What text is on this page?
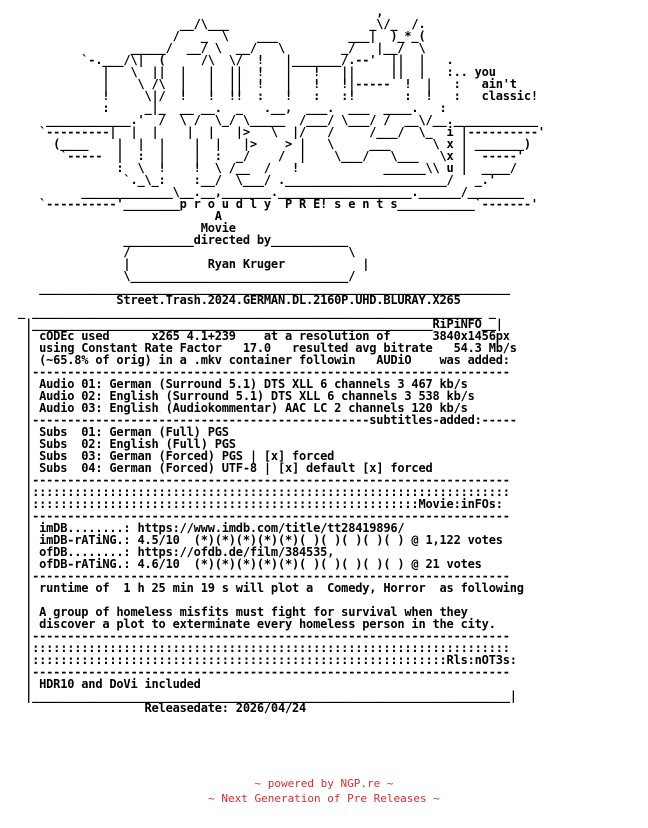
,
__/\___                    _\/_  /.
/   _  \    ___          ___|  )_*_(
_____/  __/ \  __/   \        _/   |__/  \
`-.___/\|  (     /\  \/  !   |_______/.--'  ||  |   .
|   \  ||  |   |  ||  !   |   !   ||     ||  |   :.. you
|    \ /\  |   |  ||  !   |   !   !|-----  !  |   :   ain't
!     \|/  !   !  !!  :   !   :   :!       :  !   :   classic!
:     _|_  __ __.  _   .__,  ___.  ___  ____.   :
____________.'  /  \ /  \_/ \_____  /___/ \___/ /  __\/__.____________
`---------|  |  |    |  |   |>   \  |/   /     /___/  \_  i |----------'
(____    |  |  |    |  |   |>    > |   \     ___      \ x | _______)
`-----  |  :  |    |  :  _/    /  |    \___/   \___   \x |  -----'
:  \  !    !  \ /__  /   !            ______\\ u |  ____/
`._\_:    :__/  \___/ ._______________________/   _.'
_____________\__.__,_______.___________________.______/________
`----------'________p r o u d l y  P R E! s e n t s___________`-------'
A
Movie
__________directed by___________
/                               \
|           Ryan Kruger           |
\_______________________________/
___________________________________________________________________
Street.Trash.2024.GERMAN.DL.2160P.UHD.BLURAY.X265
_ ________________________________________________________________ _
|_________________________________________________________RiPiNFO__|
| cODEc used      x265 4.1+239    at a resolution of      3840x1456px
| using Constant Rate Factor   17.0   resulted avg bitrate   54.3 Mb/s
| (~65.8% of orig) in a .mkv container followin   AUDiO    was added:
|--------------------------------------------------------------------
| Audio 01: German (Surround 5.1) DTS XLL 6 channels 3 467 kb/s
| Audio 02: English (Surround 5.1) DTS XLL 6 channels 3 538 kb/s
| Audio 03: English (Audiokommentar) AAC LC 2 channels 120 kb/s
|------------------------------------------------subtitles-added:-----
| Subs  01: German (Full) PGS
| Subs  02: English (Full) PGS
| Subs  03: German (Forced) PGS | [x] forced
| Subs  04: German (Forced) UTF-8 | [x] default [x] forced
|--------------------------------------------------------------------
|::::::::::::::::::::::::::::::::::::::::::::::::::::::::::::::::::::
|:::::::::::::::::::::::::::::::::::::::::::::::::::::::Movie:inFOs:
|--------------------------------------------------------------------
| imDB........: https://www.imdb.com/title/tt28419896/
| imDB-rATiNG.: 4.5/10  (*)(*)(*)(*)(*)( )( )( )( )( ) @ 1,122 votes
| ofDB........: https://ofdb.de/film/384535,
| ofDB-rATiNG.: 4.6/10  (*)(*)(*)(*)(*)( )( )( )( )( ) @ 21 votes
|--------------------------------------------------------------------
| runtime of  1 h 25 min 19 s will plot a  Comedy, Horror  as following
|
| A group of homeless misfits must fight for survival when they
| discover a plot to exterminate every homeless person in the city.
|--------------------------------------------------------------------
|::::::::::::::::::::::::::::::::::::::::::::::::::::::::::::::::::::
|:::::::::::::::::::::::::::::::::::::::::::::::::::::::::::Rls:nOT3s:
|--------------------------------------------------------------------
| HDR10 and DoVi included
|____________________________________________________________________|
Releasedate: 2026/04/24

~ powered by NGP.re ~
~ Next Generation of Pre Releases ~
